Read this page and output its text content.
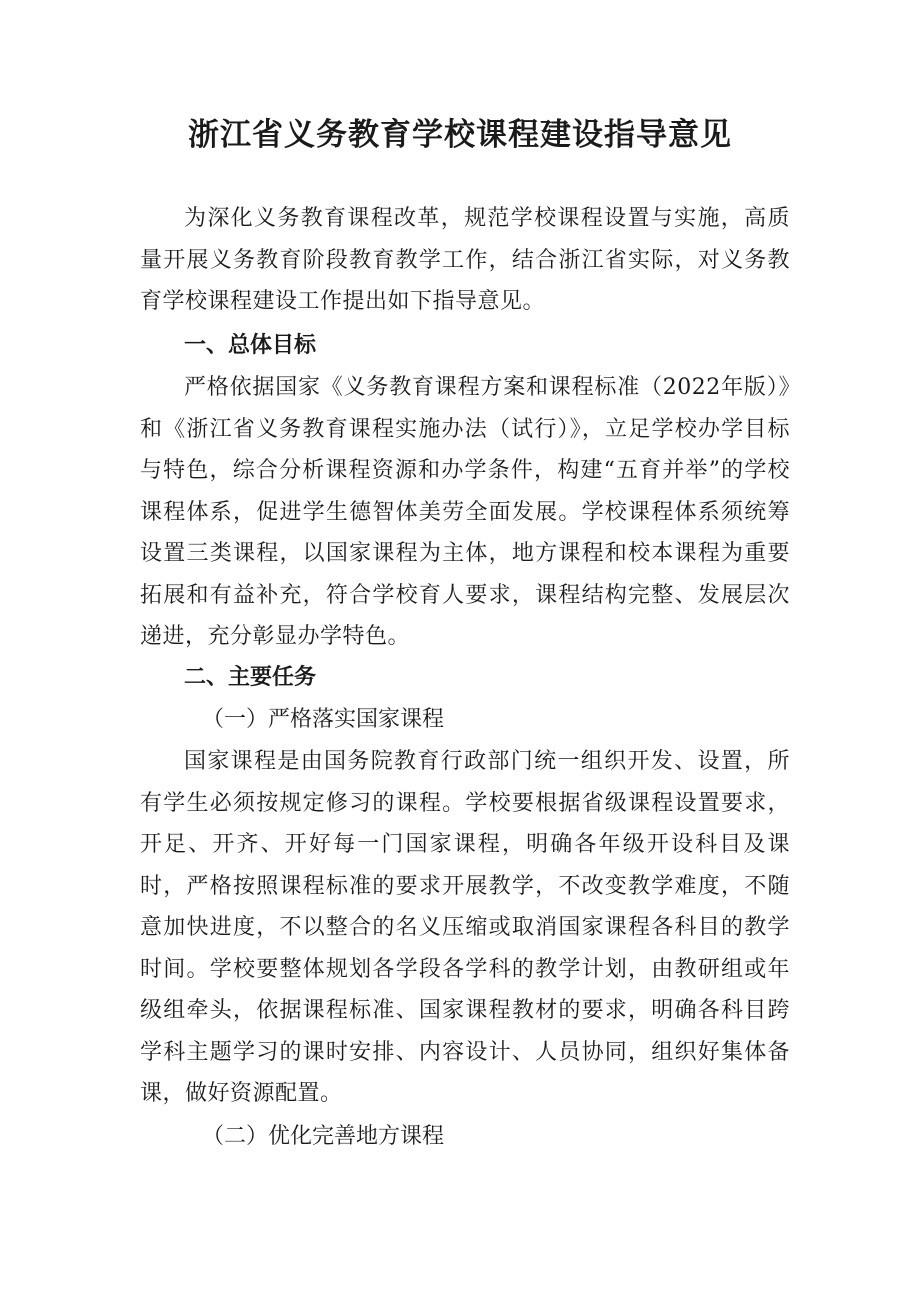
浙江省义务教育学校课程建设指导意见

为深化义务教育课程改革，规范学校课程设置与实施，高质量开展义务教育阶段教育教学工作，结合浙江省实际，对义务教育学校课程建设工作提出如下指导意见。

一、总体目标

严格依据国家《义务教育课程方案和课程标准（2022年版）》和《浙江省义务教育课程实施办法（试行）》，立足学校办学目标与特色，综合分析课程资源和办学条件，构建“五育并举”的学校课程体系，促进学生德智体美劳全面发展。学校课程体系须统筹设置三类课程，以国家课程为主体，地方课程和校本课程为重要拓展和有益补充，符合学校育人要求，课程结构完整、发展层次递进，充分彰显办学特色。

二、主要任务
（一）严格落实国家课程

国家课程是由国务院教育行政部门统一组织开发、设置，所有学生必须按规定修习的课程。学校要根据省级课程设置要求，开足、开齐、开好每一门国家课程，明确各年级开设科目及课时，严格按照课程标准的要求开展教学，不改变教学难度，不随意加快进度，不以整合的名义压缩或取消国家课程各科目的教学时间。学校要整体规划各学段各学科的教学计划，由教研组或年级组牵头，依据课程标准、国家课程教材的要求，明确各科目跨学科主题学习的课时安排、内容设计、人员协同，组织好集体备课，做好资源配置。

（二）优化完善地方课程
